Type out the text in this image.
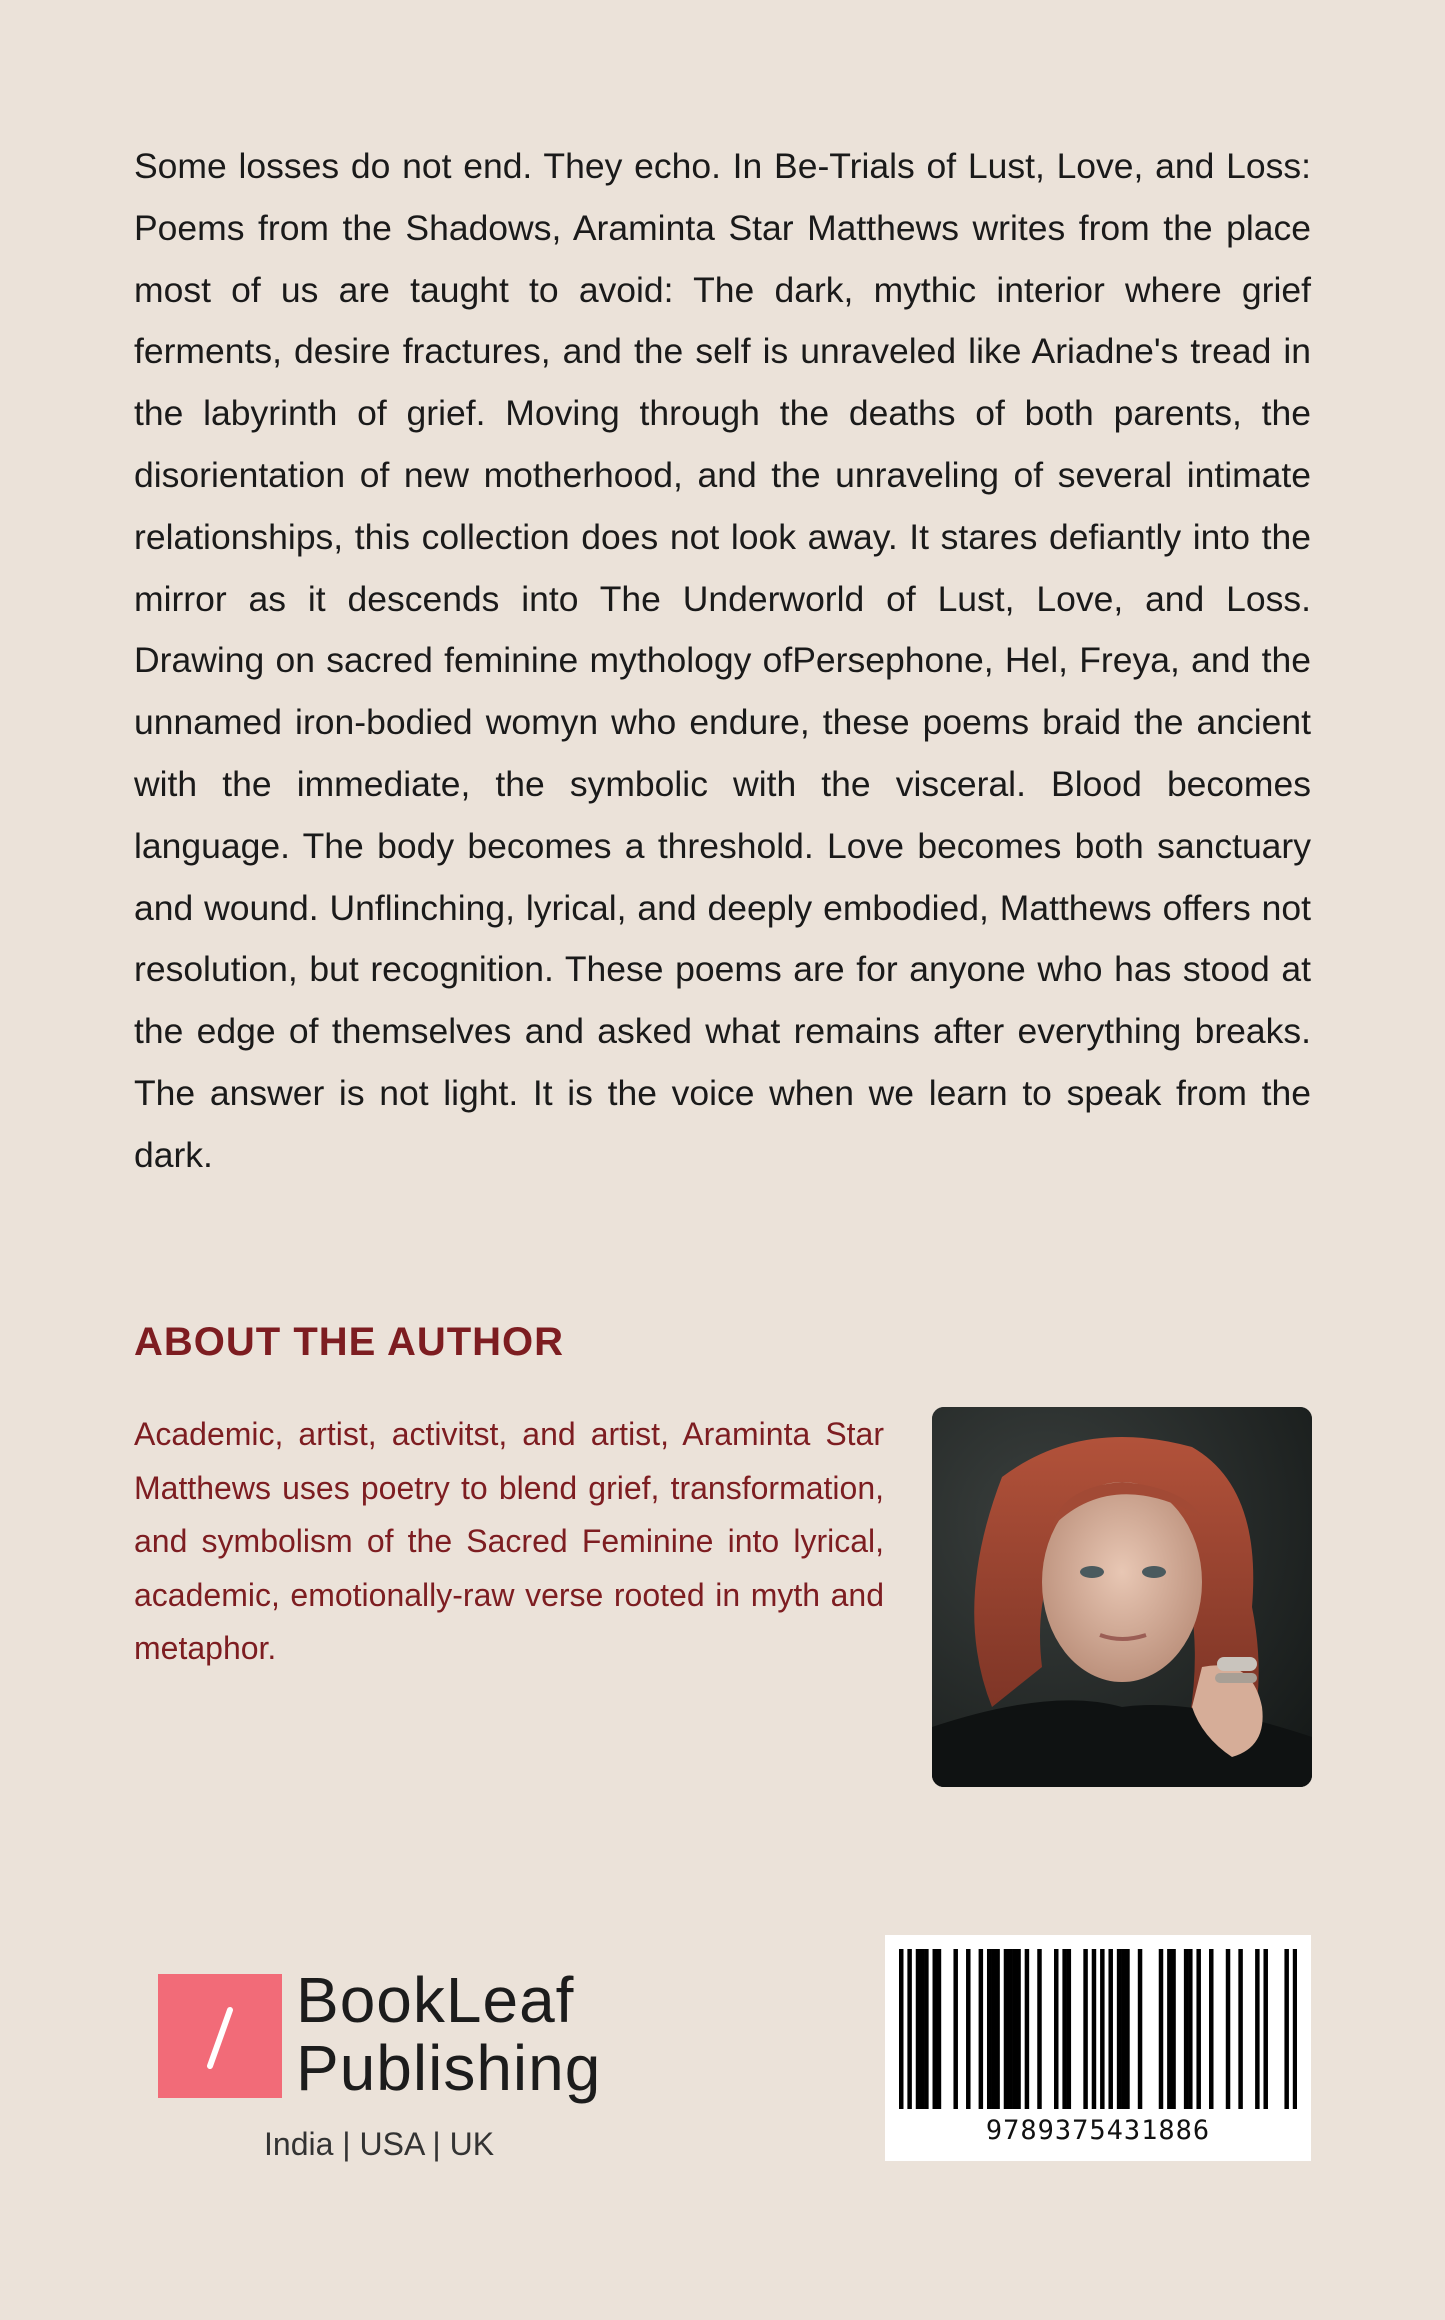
Some losses do not end. They echo. In Be-Trials of Lust, Love, and Loss: Poems from the Shadows, Araminta Star Matthews writes from the place most of us are taught to avoid: The dark, mythic interior where grief ferments, desire fractures, and the self is unraveled like Ariadne's tread in the labyrinth of grief. Moving through the deaths of both parents, the disorientation of new motherhood, and the unraveling of several intimate relationships, this collection does not look away. It stares defiantly into the mirror as it descends into The Underworld of Lust, Love, and Loss. Drawing on sacred feminine mythology ofPersephone, Hel, Freya, and the unnamed iron-bodied womyn who endure, these poems braid the ancient with the immediate, the symbolic with the visceral. Blood becomes language. The body becomes a threshold. Love becomes both sanctuary and wound. Unflinching, lyrical, and deeply embodied, Matthews offers not resolution, but recognition. These poems are for anyone who has stood at the edge of themselves and asked what remains after everything breaks. The answer is not light. It is the voice when we learn to speak from the dark.

ABOUT THE AUTHOR

Academic, artist, activitst, and artist, Araminta Star Matthews uses poetry to blend grief, transformation, and symbolism of the Sacred Feminine into lyrical, academic, emotionally-raw verse rooted in myth and metaphor.

BookLeaf
Publishing
India | USA | UK	9789375431886
